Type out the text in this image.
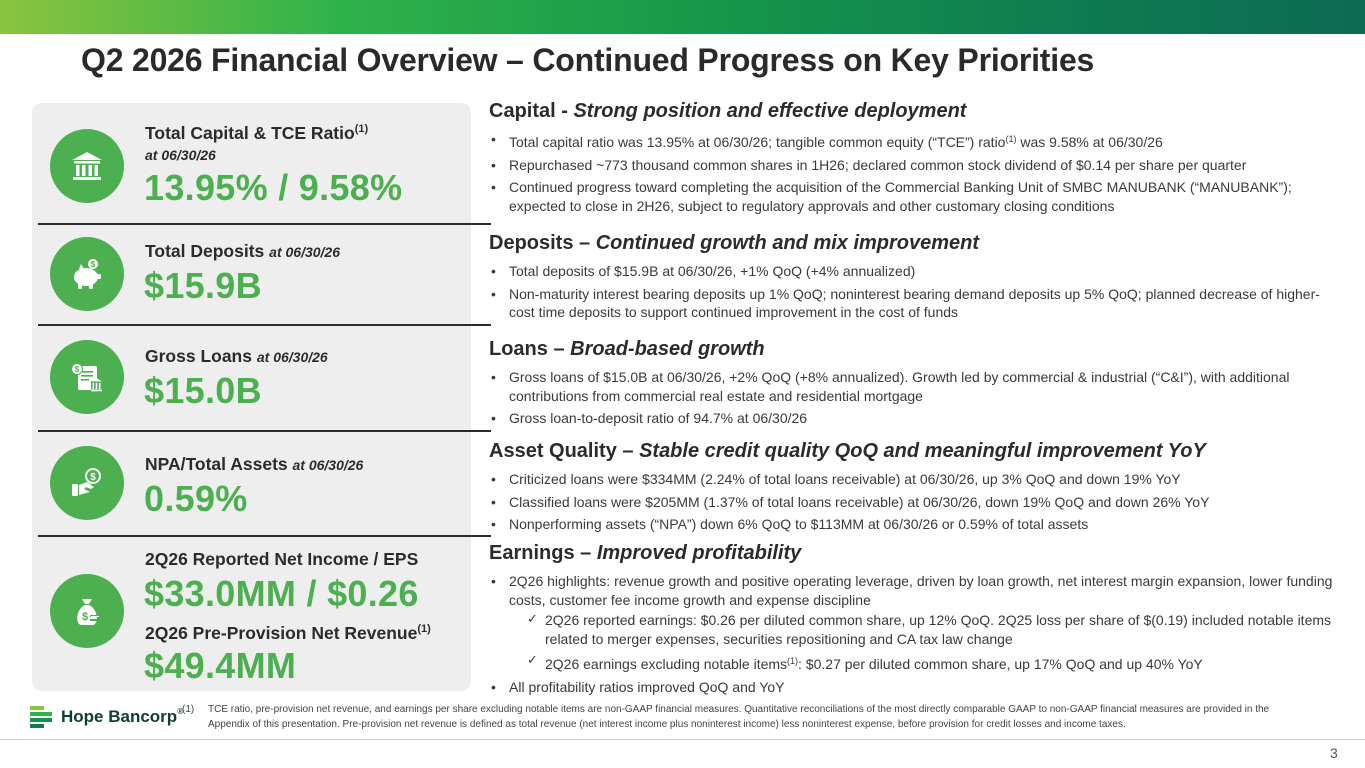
Q2 2026 Financial Overview – Continued Progress on Key Priorities
Total Capital & TCE Ratio$^{(1)}$
at 06/30/26
13.95% / 9.58%
$
Total Deposits at 06/30/26
$15.9B
$
Gross Loans at 06/30/26
$15.0B
$
NPA/Total Assets at 06/30/26
0.59%
$
2Q26 Reported Net Income / EPS
$33.0MM / $0.26
2Q26 Pre-Provision Net Revenue$^{(1)}$
$49.4MM
Capital - Strong position and effective deployment
• Total capital ratio was 13.95% at 06/30/26; tangible common equity (“TCE”) ratio$^{(1)}$ was 9.58% at 06/30/26
• Repurchased ~773 thousand common shares in 1H26; declared common stock dividend of $0.14 per share per quarter
• Continued progress toward completing the acquisition of the Commercial Banking Unit of SMBC MANUBANK (“MANUBANK”); expected to close in 2H26, subject to regulatory approvals and other customary closing conditions
Deposits – Continued growth and mix improvement
• Total deposits of $15.9B at 06/30/26, +1% QoQ (+4% annualized)
• Non-maturity interest bearing deposits up 1% QoQ; noninterest bearing demand deposits up 5% QoQ; planned decrease of higher-cost time deposits to support continued improvement in the cost of funds
Loans – Broad-based growth
• Gross loans of $15.0B at 06/30/26, +2% QoQ (+8% annualized). Growth led by commercial & industrial (“C&I”), with additional contributions from commercial real estate and residential mortgage
• Gross loan-to-deposit ratio of 94.7% at 06/30/26
Asset Quality – Stable credit quality QoQ and meaningful improvement YoY
• Criticized loans were $334MM (2.24% of total loans receivable) at 06/30/26, up 3% QoQ and down 19% YoY
• Classified loans were $205MM (1.37% of total loans receivable) at 06/30/26, down 19% QoQ and down 26% YoY
• Nonperforming assets (“NPA”) down 6% QoQ to $113MM at 06/30/26 or 0.59% of total assets
Earnings – Improved profitability
• 2Q26 highlights: revenue growth and positive operating leverage, driven by loan growth, net interest margin expansion, lower funding costs, customer fee income growth and expense discipline
✓ 2Q26 reported earnings: $0.26 per diluted common share, up 12% QoQ. 2Q25 loss per share of $(0.19) included notable items related to merger expenses, securities repositioning and CA tax law change
✓ 2Q26 earnings excluding notable items$^{(1)}$: $0.27 per diluted common share, up 17% QoQ and up 40% YoY
• All profitability ratios improved QoQ and YoY
Hope Bancorp®
(1)	TCE ratio, pre-provision net revenue, and earnings per share excluding notable items are non-GAAP financial measures. Quantitative reconciliations of the most directly comparable GAAP to non-GAAP financial measures are provided in the Appendix of this presentation. Pre-provision net revenue is defined as total revenue (net interest income plus noninterest income) less noninterest expense, before provision for credit losses and income taxes.
3
